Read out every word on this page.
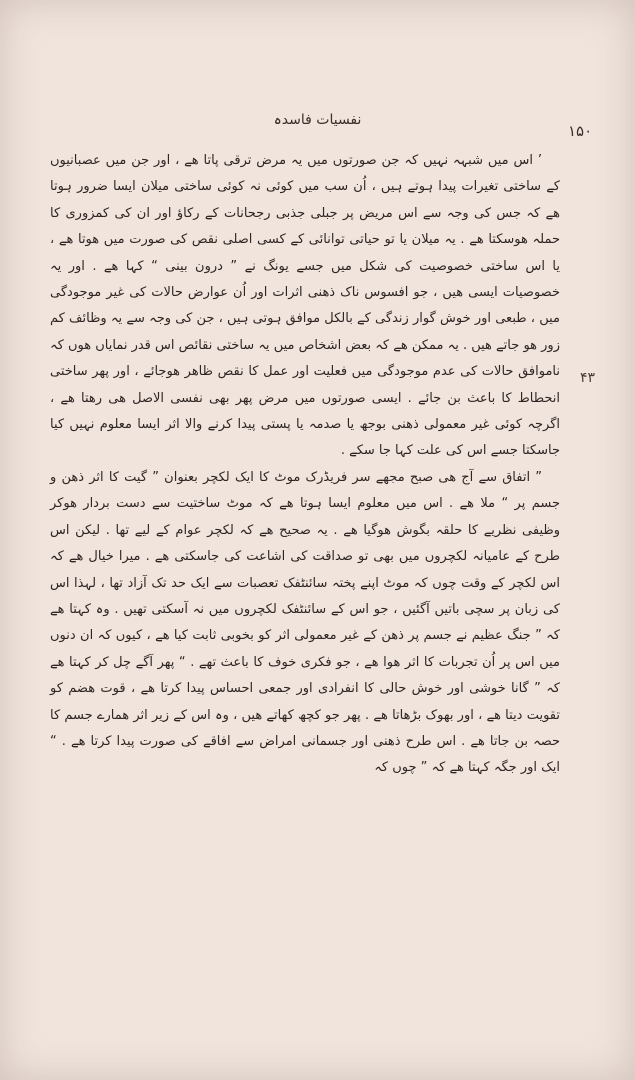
نفسیات فاسدہ
۱۵۰
۴۳

’ اس میں شبہہ نہیں کہ جن صورتوں میں یہ مرض ترقی پاتا ھے ، اور جن میں عصبانیوں کے ساختی تغیرات پیدا ہوتے ہیں ، اُن سب میں کوئی نہ کوئی ساختی میلان ایسا ضرور ہوتا ھے کہ جس کی وجہ سے اس مریض پر جبلی جذبی رجحانات کے رکاؤ اور ان کی کمزوری کا حملہ ھوسکتا ھے . یہ میلان یا تو حیاتی توانائی کے کسی اصلی نقص کی صورت میں ھوتا ھے ، یا اس ساختی خصوصیت کی شکل میں جسے یونگ نے ” درون بینی “ کہا ھے . اور یہ خصوصیات ایسی ھیں ، جو افسوس ناک ذھنی اثرات اور اُن عوارض حالات کی غیر موجودگی میں ، طبعی اور خوش گوار زندگی کے بالکل موافق ہوتی ہیں ، جن کی وجہ سے یہ وظائف کم زور ھو جاتے ھیں . یہ ممکن ھے کہ بعض اشخاص میں یہ ساختی نقائص اس قدر نمایاں ھوں کہ ناموافق حالات کی عدم موجودگی میں فعلیت اور عمل کا نقص ظاھر ھوجائے ، اور پھر ساختی انحطاط کا باعث بن جائے . ایسی صورتوں میں مرض پھر بھی نفسی الاصل ھی رھتا ھے ، اگرچہ کوئی غیر معمولی ذھنی بوجھ یا صدمہ یا پستی پیدا کرنے والا اثر ایسا معلوم نہیں کیا جاسکتا جسے اس کی علت کہا جا سکے .

” اتفاق سے آج ھی صبح مجھے سر فریڈرک موٹ کا ایک لکچر بعنوان ” گیت کا اثر ذھن و جسم پر “ ملا ھے . اس میں معلوم ایسا ہوتا ھے کہ موٹ ساختیت سے دست بردار ھوکر وظیفی نظریے کا حلقہ بگوش ھوگیا ھے . یہ صحیح ھے کہ لکچر عوام کے لیے تھا . لیکن اس طرح کے عامیانہ لکچروں میں بھی تو صداقت کی اشاعت کی جاسکتی ھے . میرا خیال ھے کہ اس لکچر کے وقت چوں کہ موٹ اپنے پختہ سائنٹفک تعصبات سے ایک حد تک آزاد تھا ، لہذا اس کی زبان پر سچی باتیں آگئیں ، جو اس کے سائنٹفک لکچروں میں نہ آسکتی تھیں . وہ کہتا ھے کہ ” جنگ عظیم نے جسم پر ذھن کے غیر معمولی اثر کو بخوبی ثابت کیا ھے ، کیوں کہ ان دنوں میں اس پر اُن تجربات کا اثر ھوا ھے ، جو فکری خوف کا باعث تھے . “ پھر آگے چل کر کہتا ھے کہ ” گانا خوشی اور خوش حالی کا انفرادی اور جمعی احساس پیدا کرتا ھے ، قوت ھضم کو تقویت دیتا ھے ، اور بھوک بڑھاتا ھے . پھر جو کچھ کھاتے ھیں ، وہ اس کے زیر اثر ھمارے جسم کا حصہ بن جاتا ھے . اس طرح ذھنی اور جسمانی امراض سے افاقے کی صورت پیدا کرتا ھے . “ ایک اور جگہ کہتا ھے کہ ” چوں کہ
